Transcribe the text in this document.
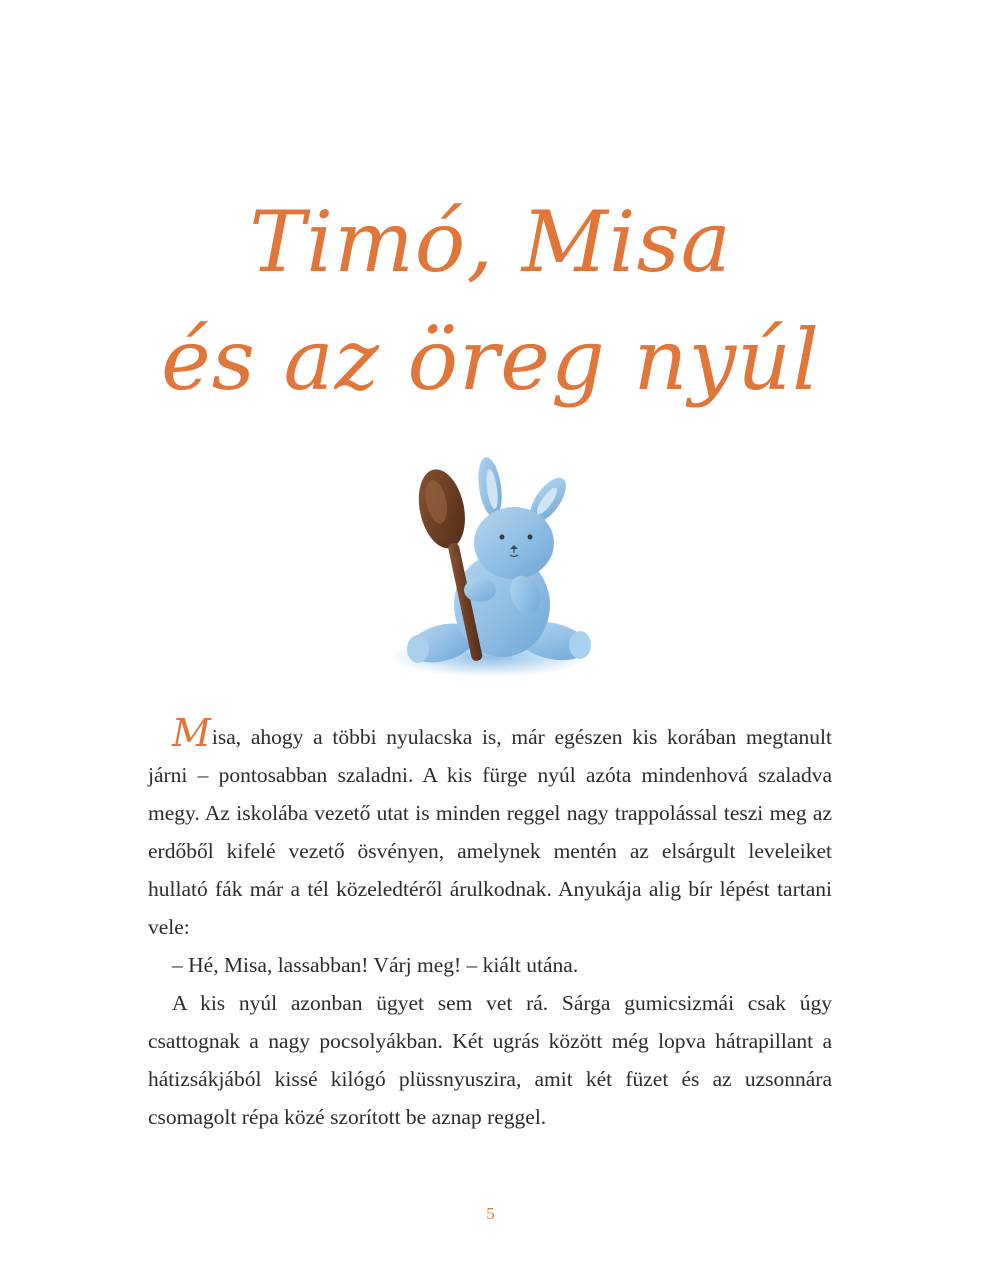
Timó, Misa
és az öreg nyúl

Misa, ahogy a többi nyulacska is, már egészen kis korában megtanult járni – pontosabban szaladni. A kis fürge nyúl azóta mindenhová szaladva megy. Az iskolába vezető utat is minden reggel nagy trappolással teszi meg az erdőből kifelé vezető ösvényen, amelynek mentén az elsárgult leveleiket hullató fák már a tél közeledtéről árulkodnak. Anyukája alig bír lépést tartani vele:

– Hé, Misa, lassabban! Várj meg! – kiált utána.

A kis nyúl azonban ügyet sem vet rá. Sárga gumicsizmái csak úgy csattognak a nagy pocsolyákban. Két ugrás között még lopva hátrapillant a hátizsákjából kissé kilógó plüssnyuszira, amit két füzet és az uzsonnára csomagolt répa közé szorított be aznap reggel.

5
